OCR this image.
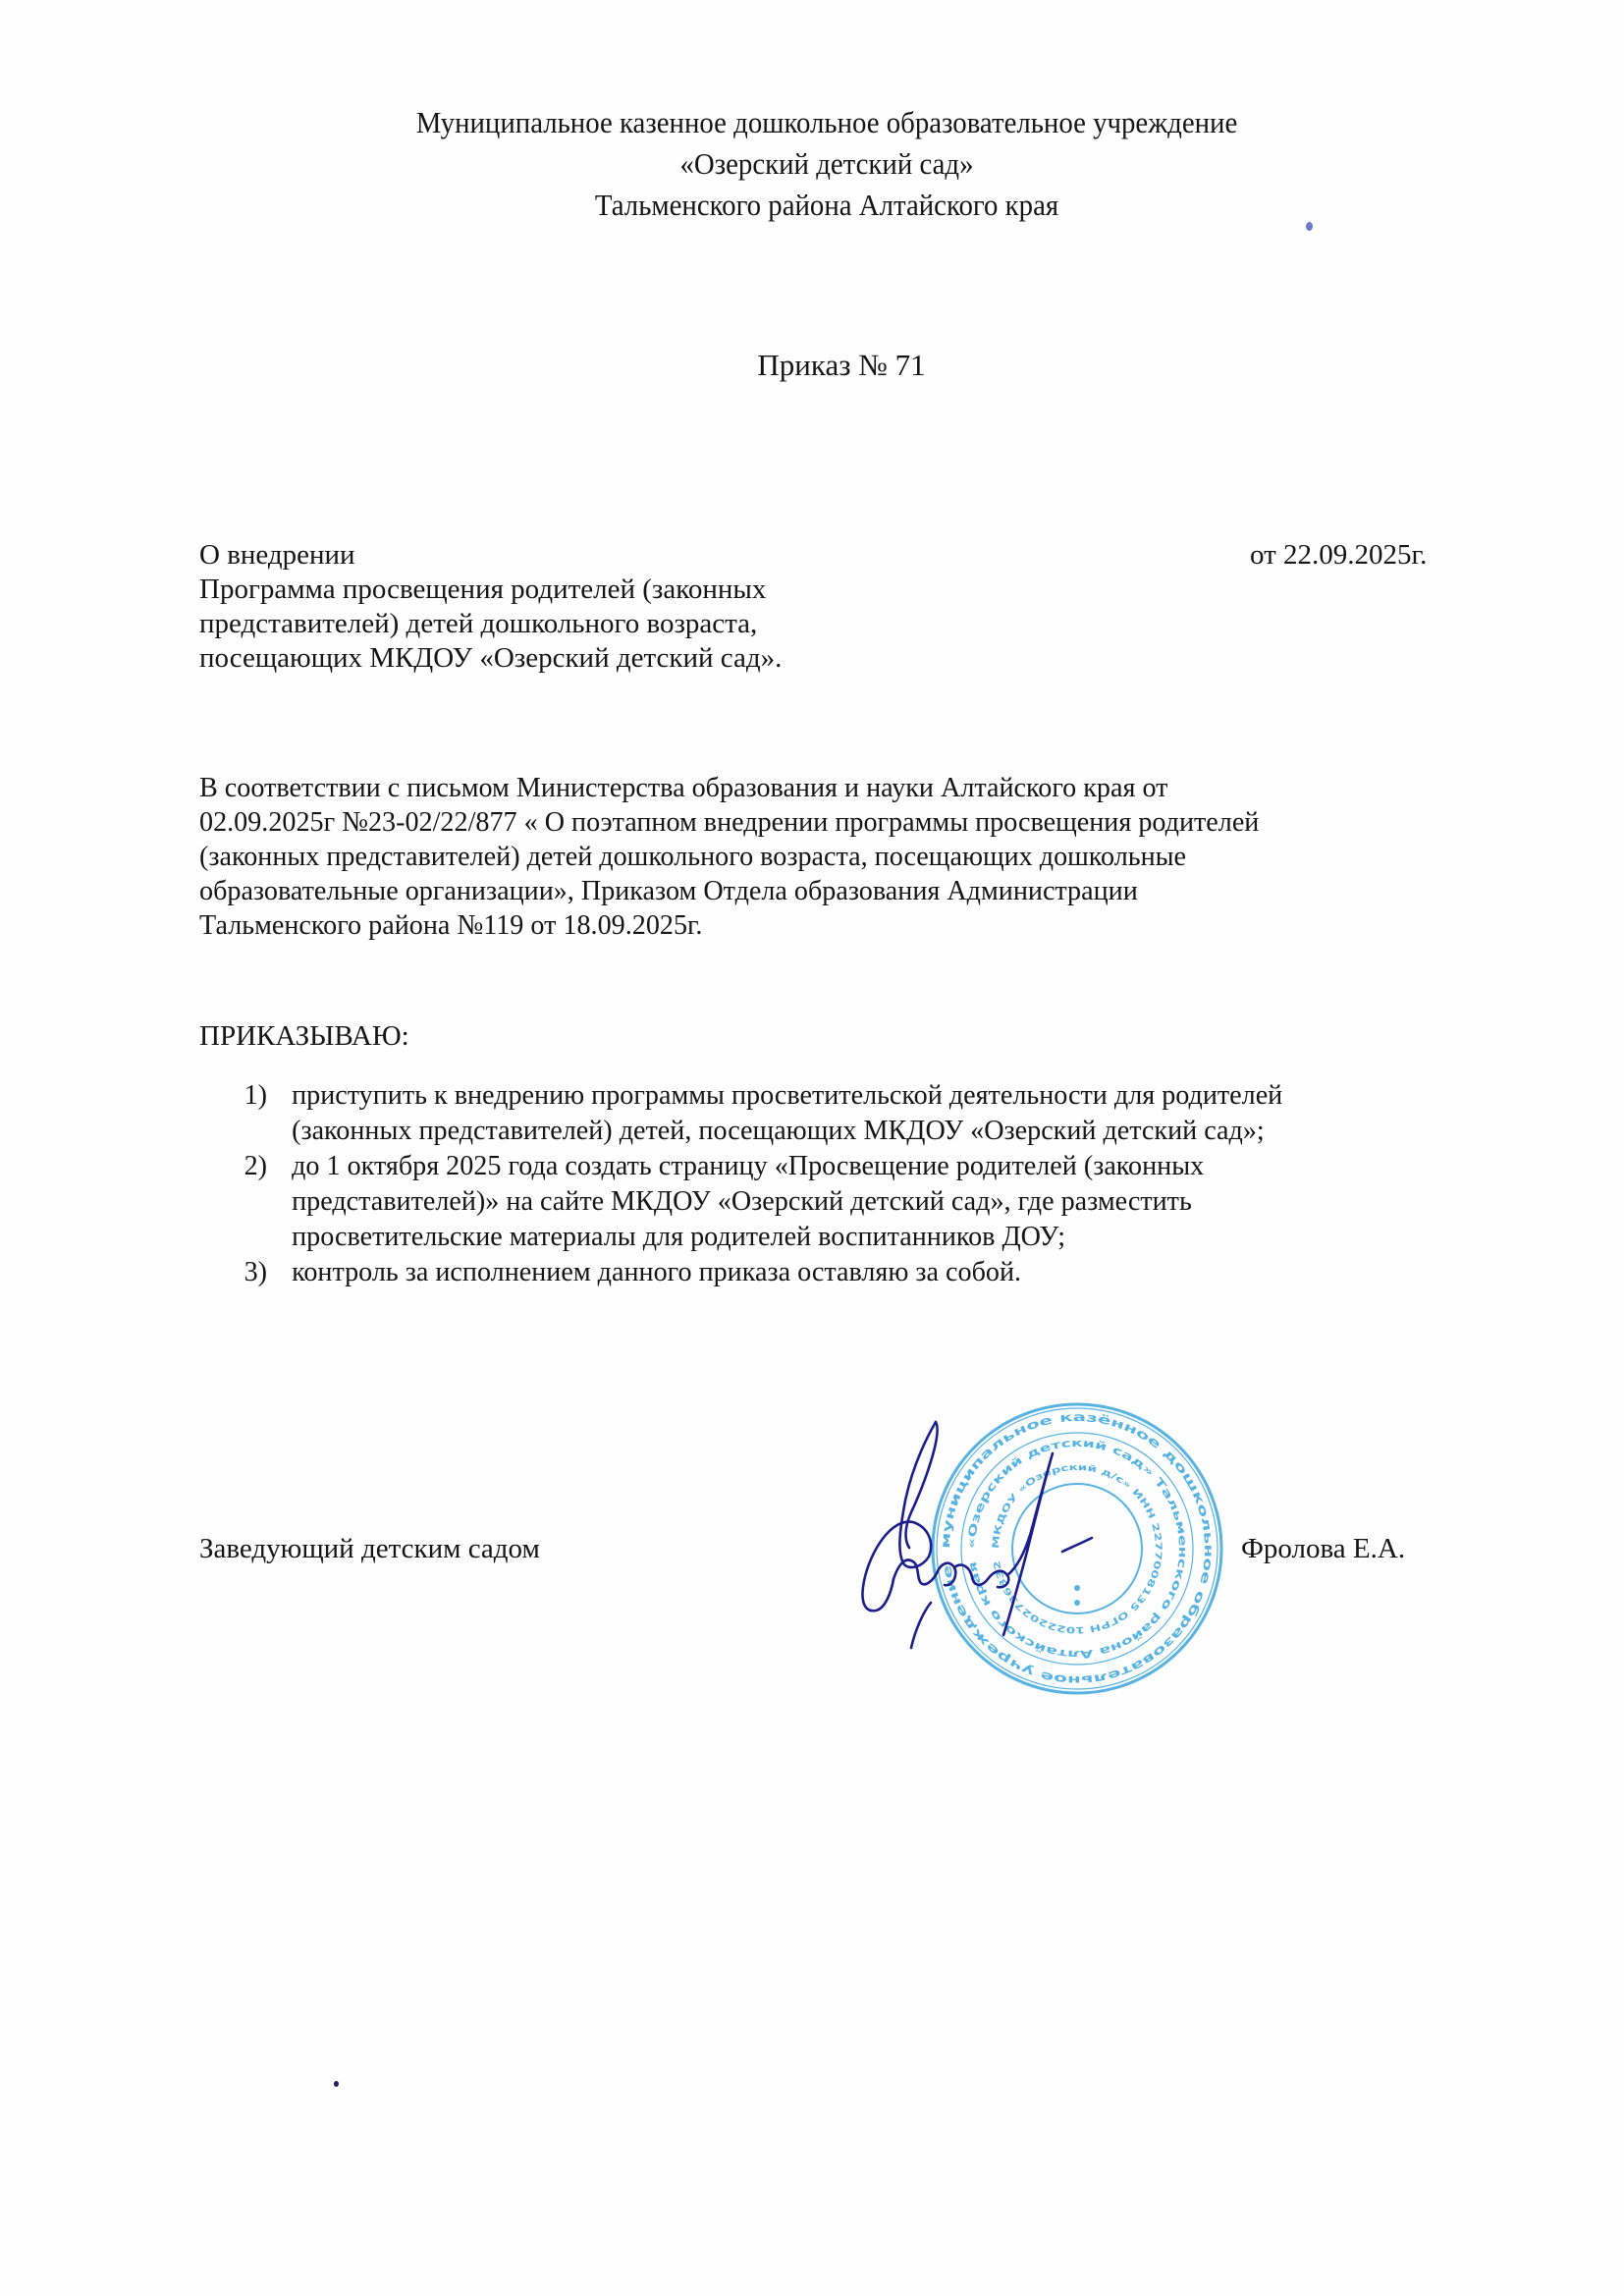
Муниципальное казенное дошкольное образовательное учреждение
«Озерский детский сад»
Тальменского района Алтайского края
Приказ № 71
О внедрении
Программа просвещения родителей (законных
представителей) детей дошкольного возраста,
посещающих МКДОУ «Озерский детский сад».
от 22.09.2025г.
В соответствии с письмом Министерства образования и науки Алтайского края от
02.09.2025г №23-02/22/877 « О поэтапном внедрении программы просвещения родителей
(законных представителей) детей дошкольного возраста, посещающих дошкольные
образовательные организации», Приказом Отдела образования Администрации
Тальменского района №119 от 18.09.2025г.
ПРИКАЗЫВАЮ:
1) приступить к внедрению программы просветительской деятельности для родителей
(законных представителей) детей, посещающих МКДОУ «Озерский детский сад»;
2) до 1 октября 2025 года создать страницу «Просвещение родителей (законных
представителей)» на сайте МКДОУ «Озерский детский сад», где разместить
просветительские материалы для родителей воспитанников ДОУ;
3) контроль за исполнением данного приказа оставляю за собой.
Заведующий детским садом	муниципальное казённое дошкольное образовательное учреждение
«Озерский детский сад» Тальменского района Алтайского края
МКДОУ «Озерский д/с» ИНН 2277008135 ОГРН 1022202736832
Фролова Е.А.
